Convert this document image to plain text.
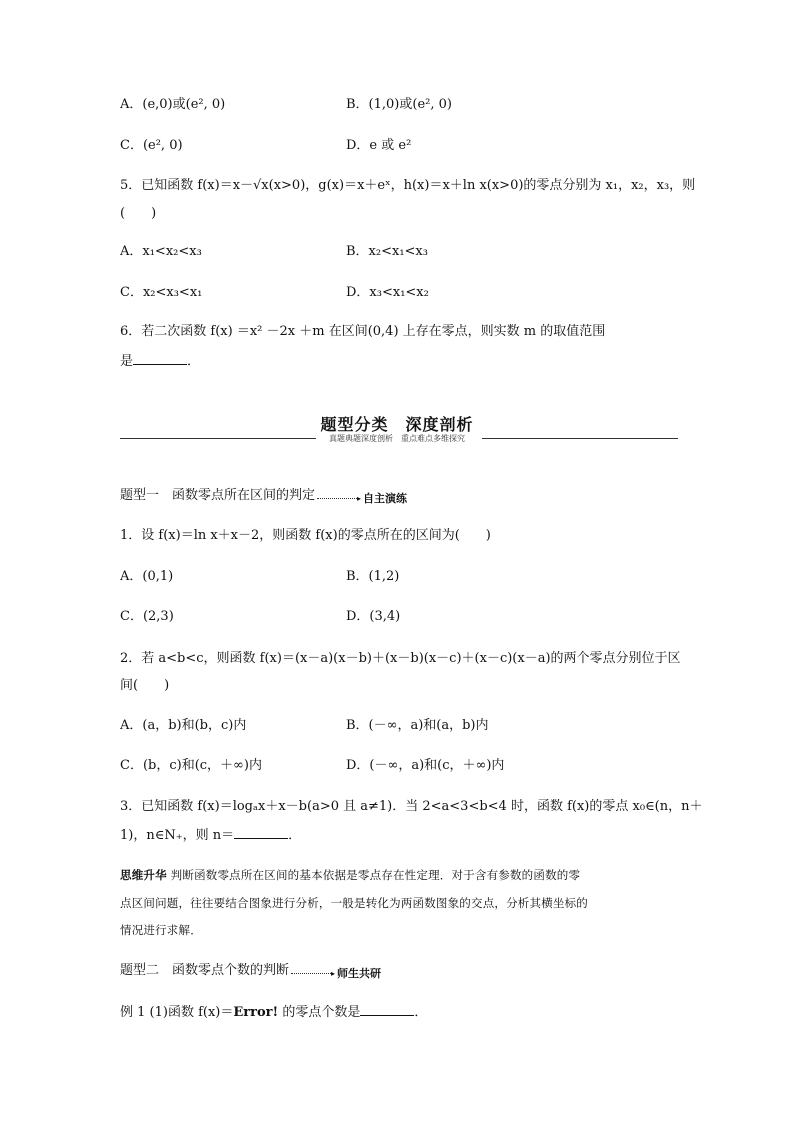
A．(e,0)或(e², 0)	B．(1,0)或(e², 0)
C．(e², 0)	D．e 或 e²
5．已知函数 f(x)＝x－√x(x>0)，g(x)＝x＋eˣ，h(x)＝x＋ln x(x>0)的零点分别为 x₁，x₂，x₃，则
(　　)
A．x₁<x₂<x₃	B．x₂<x₁<x₃
C．x₂<x₃<x₁	D．x₃<x₁<x₂
6．若二次函数 f(x) ＝x² －2x ＋m 在区间(0,4) 上存在零点，则实数 m 的取值范围
是	．
题型分类　深度剖析
真题典题深度剖析　重点难点多维探究
题型一　函数零点所在区间的判定	▸ 自主演练
1．设 f(x)＝ln x＋x－2，则函数 f(x)的零点所在的区间为(　　)
A．(0,1)	B．(1,2)
C．(2,3)	D．(3,4)
2．若 a<b<c，则函数 f(x)＝(x－a)(x－b)＋(x－b)(x－c)＋(x－c)(x－a)的两个零点分别位于区
间(　　)
A．(a，b)和(b，c)内	B．(－∞，a)和(a，b)内
C．(b，c)和(c，＋∞)内	D．(－∞，a)和(c，＋∞)内
3．已知函数 f(x)＝logₐx＋x－b(a>0 且 a≠1)．当 2<a<3<b<4 时，函数 f(x)的零点 x₀∈(n，n＋
1)，n∈N₊，则 n＝	．
思维升华 判断函数零点所在区间的基本依据是零点存在性定理．对于含有参数的函数的零
点区间问题，往往要结合图象进行分析，一般是转化为两函数图象的交点，分析其横坐标的
情况进行求解．
题型二　函数零点个数的判断	▸ 师生共研
例 1 (1)函数 f(x)＝Error! 的零点个数是	．
